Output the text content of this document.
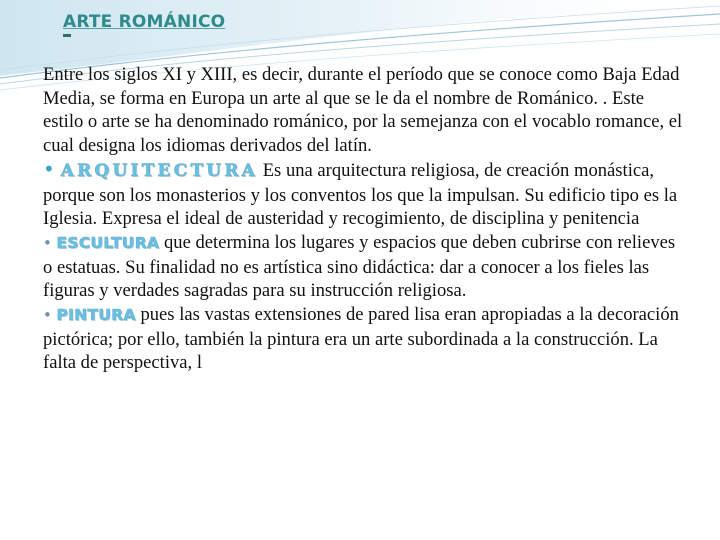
ARTE ROMÁNICO

Entre los siglos XI y XIII, es decir, durante el período que se conoce como Baja Edad Media, se forma en Europa un arte al que se le da el nombre de Románico. . Este estilo o arte se ha denominado románico, por la semejanza con el vocablo romance, el cual designa los idiomas derivados del latín.

• ARQUITECTURA Es una arquitectura religiosa, de creación monástica, porque son los monasterios y los conventos los que la impulsan. Su edificio tipo es la Iglesia. Expresa el ideal de austeridad y recogimiento, de disciplina y penitencia

• ESCULTURA que determina los lugares y espacios que deben cubrirse con relieves o estatuas. Su finalidad no es artística sino didáctica: dar a conocer a los fieles las figuras y verdades sagradas para su instrucción religiosa.

• PINTURA pues las vastas extensiones de pared lisa eran apropiadas a la decoración pictórica; por ello, también la pintura era un arte subordinada a la construcción. La falta de perspectiva, l
